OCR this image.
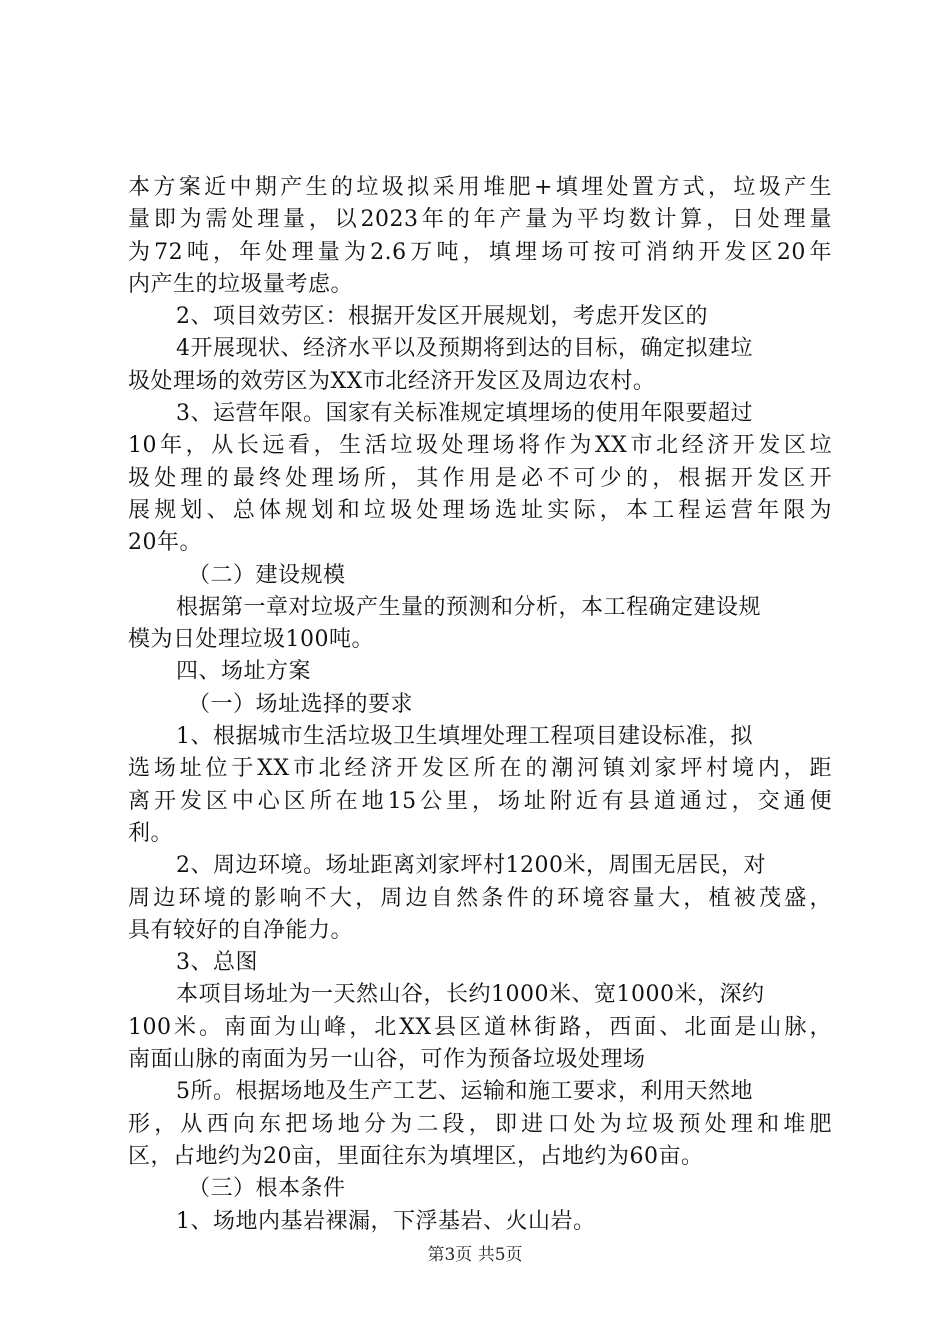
本方案近中期产生的垃圾拟采用堆肥+填埋处置方式，垃圾产生
量即为需处理量，以2023年的年产量为平均数计算，日处理量
为72吨，年处理量为2.6万吨，填埋场可按可消纳开发区20年
内产生的垃圾量考虑。
2、项目效劳区：根据开发区开展规划，考虑开发区的
4开展现状、经济水平以及预期将到达的目标，确定拟建垃
圾处理场的效劳区为XX市北经济开发区及周边农村。
3、运营年限。国家有关标准规定填埋场的使用年限要超过
10年，从长远看，生活垃圾处理场将作为XX市北经济开发区垃
圾处理的最终处理场所，其作用是必不可少的，根据开发区开
展规划、总体规划和垃圾处理场选址实际，本工程运营年限为
20年。
（二）建设规模
根据第一章对垃圾产生量的预测和分析，本工程确定建设规
模为日处理垃圾100吨。
四、场址方案
（一）场址选择的要求
1、根据城市生活垃圾卫生填埋处理工程项目建设标准，拟
选场址位于XX市北经济开发区所在的潮河镇刘家坪村境内，距
离开发区中心区所在地15公里，场址附近有县道通过，交通便
利。
2、周边环境。场址距离刘家坪村1200米，周围无居民，对
周边环境的影响不大，周边自然条件的环境容量大，植被茂盛，
具有较好的自净能力。
3、总图
本项目场址为一天然山谷，长约1000米、宽1000米，深约
100米。南面为山峰，北XX县区道林街路，西面、北面是山脉，
南面山脉的南面为另一山谷，可作为预备垃圾处理场
5所。根据场地及生产工艺、运输和施工要求，利用天然地
形，从西向东把场地分为二段，即进口处为垃圾预处理和堆肥
区，占地约为20亩，里面往东为填埋区，占地约为60亩。
（三）根本条件
1、场地内基岩裸漏，下浮基岩、火山岩。
第3页 共5页
